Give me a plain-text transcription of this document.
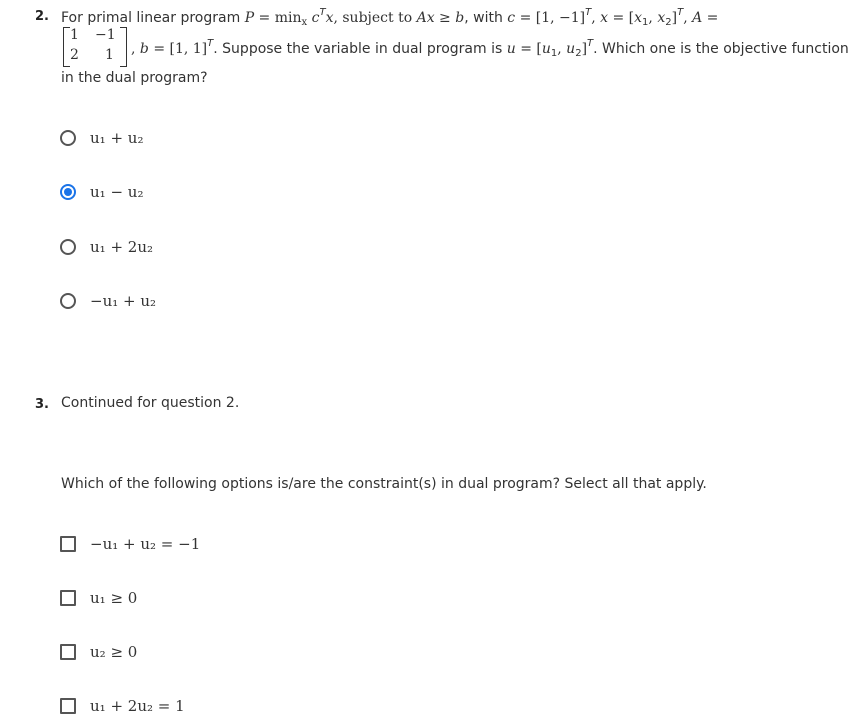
2. For primal linear program $P = \min_x c^Tx$, subject to Ax ≥ b, with c = [1, −1]$^T$, $x = [x_1$, $x_2]^T$, A =
1	−1
2	1	, b = [1, 1]$^T$. Suppose the variable in dual program is $u = [u_1$, $u_2]^T$. Which one is the objective function
in the dual program?
u₁ + u₂
u₁ − u₂
u₁ + 2u₂
−u₁ + u₂
3. Continued for question 2.
Which of the following options is/are the constraint(s) in dual program? Select all that apply.
−u₁ + u₂ = −1
u₁ ≥ 0
u₂ ≥ 0
u₁ + 2u₂ = 1
